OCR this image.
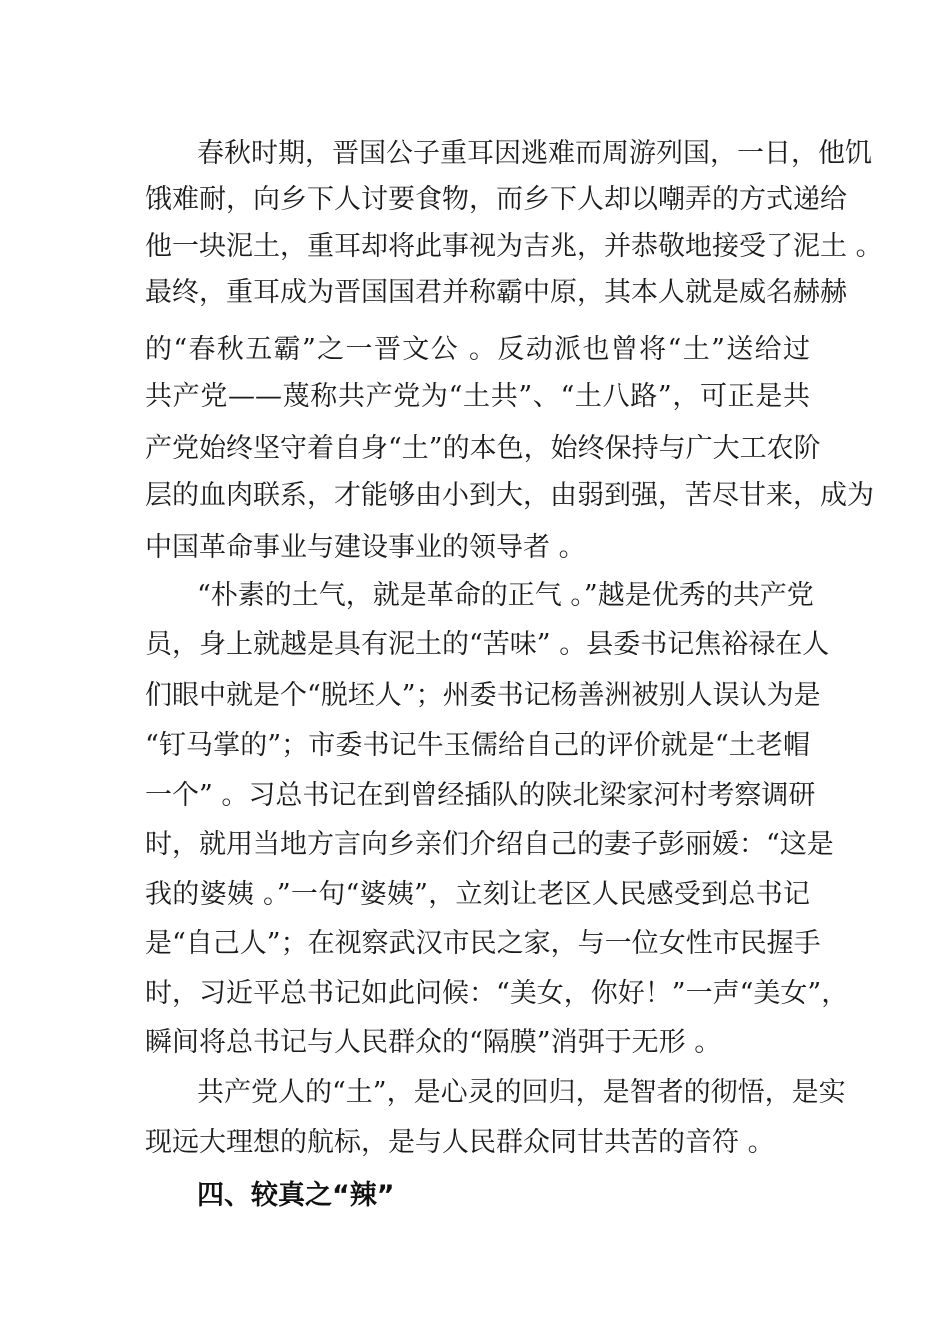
春秋时期，晋国公子重耳因逃难而周游列国，一日，他饥
饿难耐，向乡下人讨要食物，而乡下人却以嘲弄的方式递给
他一块泥土，重耳却将此事视为吉兆，并恭敬地接受了泥土 。
最终，重耳成为晋国国君并称霸中原，其本人就是威名赫赫
的“春秋五霸”之一晋文公 。反动派也曾将“土”送给过
共产党——蔑称共产党为“土共”、“土八路”，可正是共
产党始终坚守着自身“土”的本色，始终保持与广大工农阶
层的血肉联系，才能够由小到大，由弱到强，苦尽甘来，成为
中国革命事业与建设事业的领导者 。
“朴素的土气，就是革命的正气 。”越是优秀的共产党
员，身上就越是具有泥土的“苦味” 。县委书记焦裕禄在人
们眼中就是个“脱坯人”；州委书记杨善洲被别人误认为是
“钉马掌的”；市委书记牛玉儒给自己的评价就是“土老帽
一个” 。习总书记在到曾经插队的陕北梁家河村考察调研
时，就用当地方言向乡亲们介绍自己的妻子彭丽媛：“这是
我的婆姨 。”一句“婆姨”，立刻让老区人民感受到总书记
是“自己人”；在视察武汉市民之家，与一位女性市民握手
时，习近平总书记如此问候：“美女，你好！”一声“美女”，
瞬间将总书记与人民群众的“隔膜”消弭于无形 。
共产党人的“土”，是心灵的回归，是智者的彻悟，是实
现远大理想的航标，是与人民群众同甘共苦的音符 。
四、较真之“辣”
